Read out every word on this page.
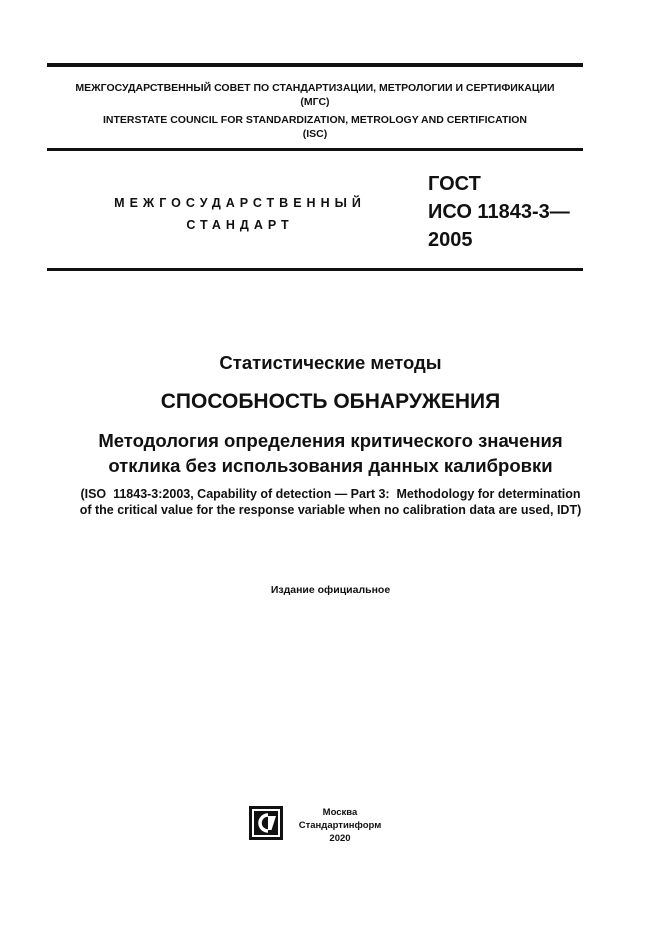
МЕЖГОСУДАРСТВЕННЫЙ СОВЕТ ПО СТАНДАРТИЗАЦИИ, МЕТРОЛОГИИ И СЕРТИФИКАЦИИ
(МГС)
INTERSTATE COUNCIL FOR STANDARDIZATION, METROLOGY AND CERTIFICATION
(ISC)
МЕЖГОСУДАРСТВЕННЫЙ
СТАНДАРТ
ГОСТ
ИСО 11843-3—
2005
Статистические методы
СПОСОБНОСТЬ ОБНАРУЖЕНИЯ
Методология определения критического значения
отклика без использования данных калибровки
(ISO  11843-3:2003, Capability of detection — Part 3:  Methodology for determination
of the critical value for the response variable when no calibration data are used, IDT)
Издание официальное
Москва
Стандартинформ
2020
